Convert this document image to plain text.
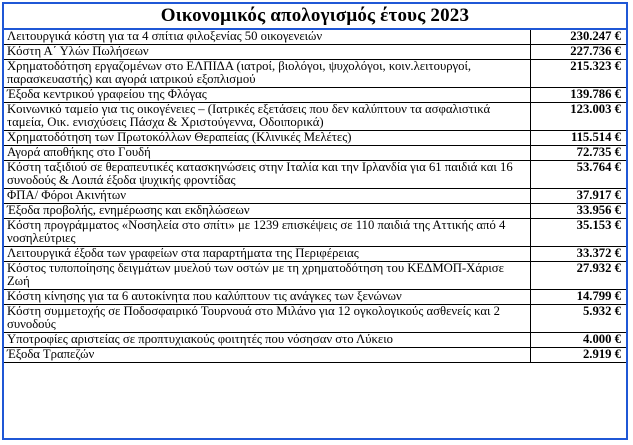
Οικονομικός απολογισμός έτους 2023
Λειτουργικά κόστη για τα 4 σπίτια φιλοξενίας 50 οικογενειών	230.247 €
Κόστη Α΄ Υλών Πωλήσεων	227.736 €
Χρηματοδότηση εργαζομένων στο ΕΛΠΙΔΑ (ιατροί, βιολόγοι, ψυχολόγοι, κοιν.λειτουργοί, παρασκευαστής) και αγορά ιατρικού εξοπλισμού	215.323 €
Έξοδα κεντρικού γραφείου της Φλόγας	139.786 €
Κοινωνικό ταμείο για τις οικογένειες – (Ιατρικές εξετάσεις που δεν καλύπτουν τα ασφαλιστικά ταμεία, Οικ. ενισχύσεις Πάσχα & Χριστούγεννα, Οδοιπορικά)	123.003 €
Χρηματοδότηση των Πρωτοκόλλων Θεραπείας (Κλινικές Μελέτες)	115.514 €
Αγορά αποθήκης στο Γουδή	72.735 €
Κόστη ταξιδιού σε θεραπευτικές κατασκηνώσεις στην Ιταλία και την Ιρλανδία για 61 παιδιά και 16 συνοδούς & Λοιπά έξοδα ψυχικής φροντίδας	53.764 €
ΦΠΑ/ Φόροι Ακινήτων	37.917 €
Έξοδα προβολής, ενημέρωσης και εκδηλώσεων	33.956 €
Κόστη προγράμματος «Νοσηλεία στο σπίτι» με 1239 επισκέψεις σε 110 παιδιά της Αττικής από 4 νοσηλεύτριες	35.153 €
Λειτουργικά έξοδα των γραφείων στα παραρτήματα της Περιφέρειας	33.372 €
Κόστος τυποποίησης δειγμάτων μυελού των οστών με τη χρηματοδότηση του ΚΕΔΜΟΠ-Χάρισε Ζωή	27.932 €
Κόστη κίνησης για τα 6 αυτοκίνητα που καλύπτουν τις ανάγκες των ξενώνων	14.799 €
Κόστη συμμετοχής σε Ποδοσφαιρικό Τουρνουά στο Μιλάνο για 12 ογκολογικούς ασθενείς και 2 συνοδούς	5.932 €
Υποτροφίες αριστείας σε προπτυχιακούς φοιτητές που νόσησαν στο Λύκειο	4.000 €
Έξοδα Τραπεζών	2.919 €
